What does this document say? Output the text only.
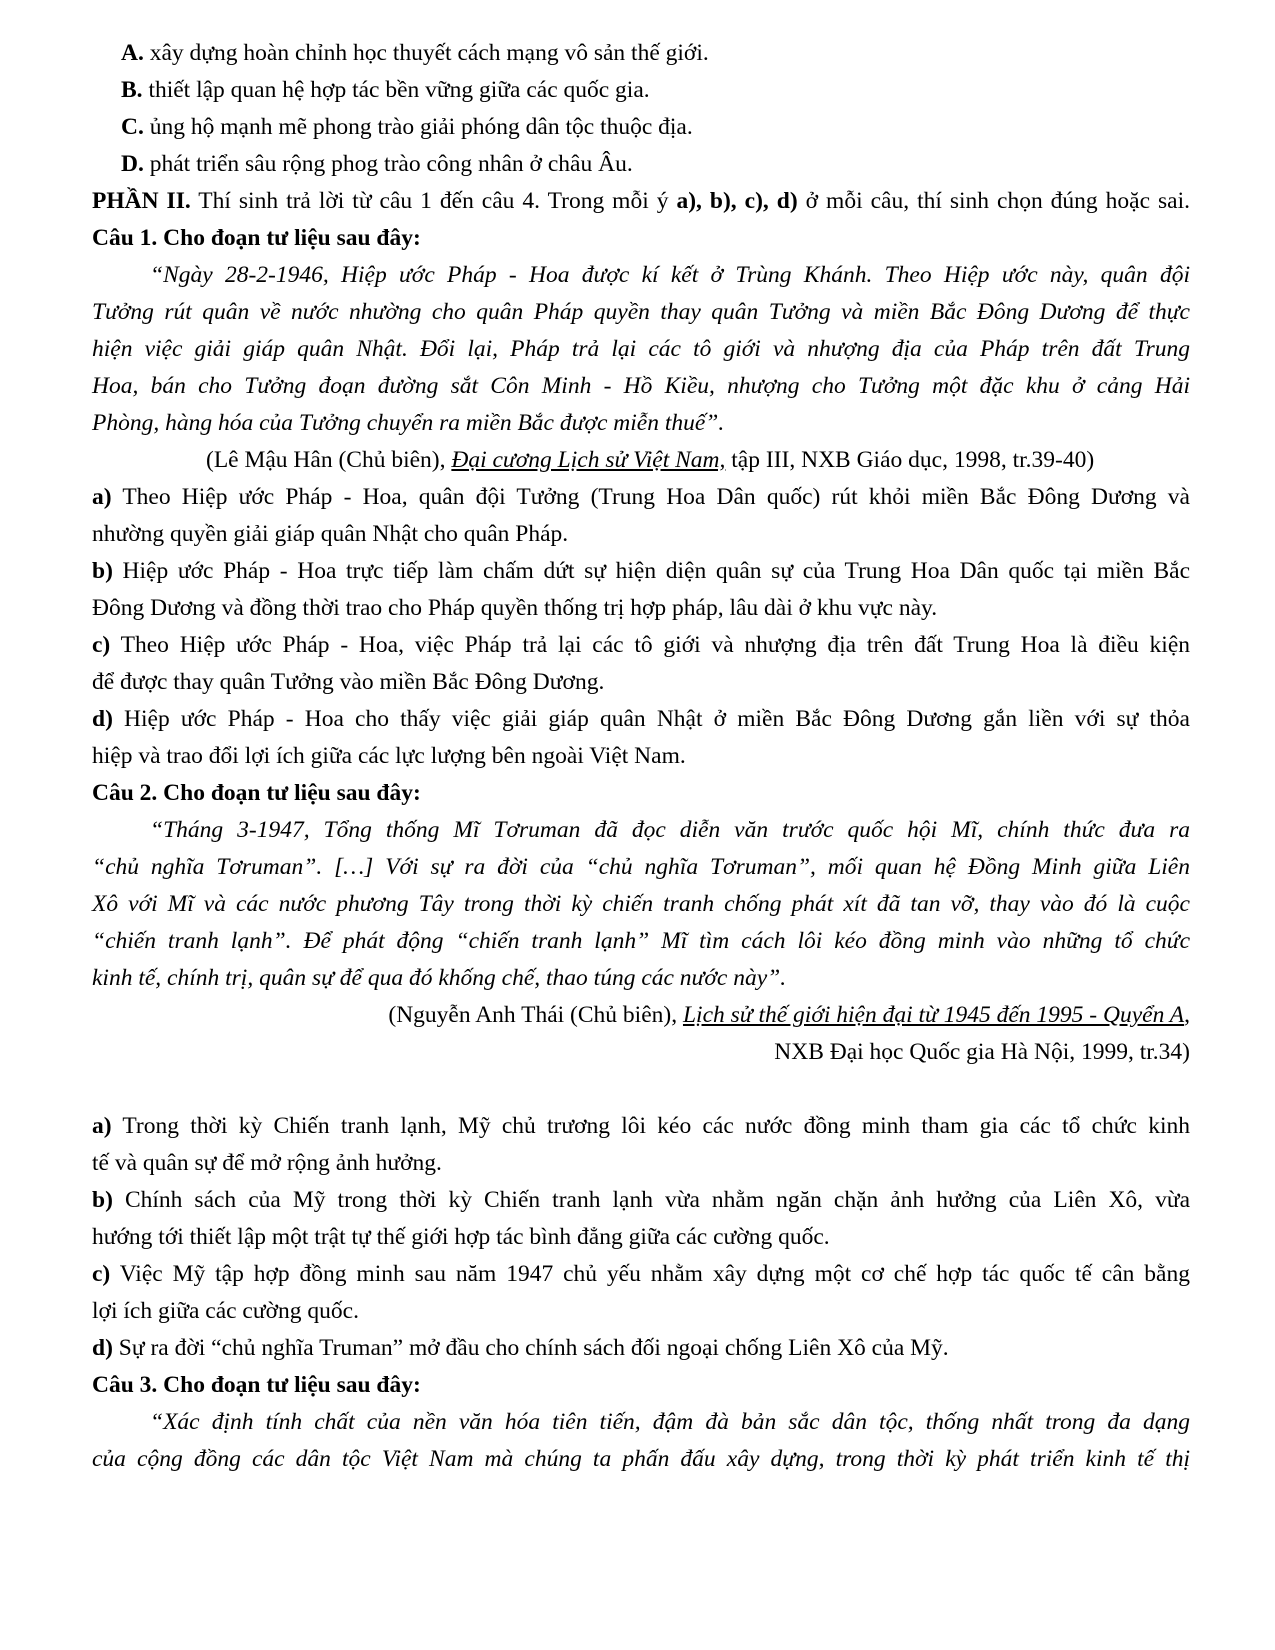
A. xây dựng hoàn chỉnh học thuyết cách mạng vô sản thế giới.
B. thiết lập quan hệ hợp tác bền vững giữa các quốc gia.
C. ủng hộ mạnh mẽ phong trào giải phóng dân tộc thuộc địa.
D. phát triển sâu rộng phog trào công nhân ở châu Âu.
PHẦN II. Thí sinh trả lời từ câu 1 đến câu 4. Trong mỗi ý a), b), c), d) ở mỗi câu, thí sinh chọn đúng hoặc sai.
Câu 1. Cho đoạn tư liệu sau đây:
“Ngày 28-2-1946, Hiệp ước Pháp - Hoa được kí kết ở Trùng Khánh. Theo Hiệp ước này, quân đội
Tưởng rút quân về nước nhường cho quân Pháp quyền thay quân Tưởng và miền Bắc Đông Dương để thực
hiện việc giải giáp quân Nhật. Đổi lại, Pháp trả lại các tô giới và nhượng địa của Pháp trên đất Trung
Hoa, bán cho Tưởng đoạn đường sắt Côn Minh - Hồ Kiều, nhượng cho Tưởng một đặc khu ở cảng Hải
Phòng, hàng hóa của Tưởng chuyển ra miền Bắc được miễn thuế”.
(Lê Mậu Hân (Chủ biên), Đại cương Lịch sử Việt Nam, tập III, NXB Giáo dục, 1998, tr.39-40)
a) Theo Hiệp ước Pháp - Hoa, quân đội Tưởng (Trung Hoa Dân quốc) rút khỏi miền Bắc Đông Dương và
nhường quyền giải giáp quân Nhật cho quân Pháp.
b) Hiệp ước Pháp - Hoa trực tiếp làm chấm dứt sự hiện diện quân sự của Trung Hoa Dân quốc tại miền Bắc
Đông Dương và đồng thời trao cho Pháp quyền thống trị hợp pháp, lâu dài ở khu vực này.
c) Theo Hiệp ước Pháp - Hoa, việc Pháp trả lại các tô giới và nhượng địa trên đất Trung Hoa là điều kiện
để được thay quân Tưởng vào miền Bắc Đông Dương.
d) Hiệp ước Pháp - Hoa cho thấy việc giải giáp quân Nhật ở miền Bắc Đông Dương gắn liền với sự thỏa
hiệp và trao đổi lợi ích giữa các lực lượng bên ngoài Việt Nam.
Câu 2. Cho đoạn tư liệu sau đây:
“Tháng 3-1947, Tổng thống Mĩ Tơruman đã đọc diễn văn trước quốc hội Mĩ, chính thức đưa ra
“chủ nghĩa Tơruman”. […] Với sự ra đời của “chủ nghĩa Tơruman”, mối quan hệ Đồng Minh giữa Liên
Xô với Mĩ và các nước phương Tây trong thời kỳ chiến tranh chống phát xít đã tan vỡ, thay vào đó là cuộc
“chiến tranh lạnh”. Để phát động “chiến tranh lạnh” Mĩ tìm cách lôi kéo đồng minh vào những tổ chức
kinh tế, chính trị, quân sự để qua đó khống chế, thao túng các nước này”.
(Nguyễn Anh Thái (Chủ biên), Lịch sử thế giới hiện đại từ 1945 đến 1995 - Quyển A,
NXB Đại học Quốc gia Hà Nội, 1999, tr.34)
a) Trong thời kỳ Chiến tranh lạnh, Mỹ chủ trương lôi kéo các nước đồng minh tham gia các tổ chức kinh
tế và quân sự để mở rộng ảnh hưởng.
b) Chính sách của Mỹ trong thời kỳ Chiến tranh lạnh vừa nhằm ngăn chặn ảnh hưởng của Liên Xô, vừa
hướng tới thiết lập một trật tự thế giới hợp tác bình đẳng giữa các cường quốc.
c) Việc Mỹ tập hợp đồng minh sau năm 1947 chủ yếu nhằm xây dựng một cơ chế hợp tác quốc tế cân bằng
lợi ích giữa các cường quốc.
d) Sự ra đời “chủ nghĩa Truman” mở đầu cho chính sách đối ngoại chống Liên Xô của Mỹ.
Câu 3. Cho đoạn tư liệu sau đây:
“Xác định tính chất của nền văn hóa tiên tiến, đậm đà bản sắc dân tộc, thống nhất trong đa dạng
của cộng đồng các dân tộc Việt Nam mà chúng ta phấn đấu xây dựng, trong thời kỳ phát triển kinh tế thị
